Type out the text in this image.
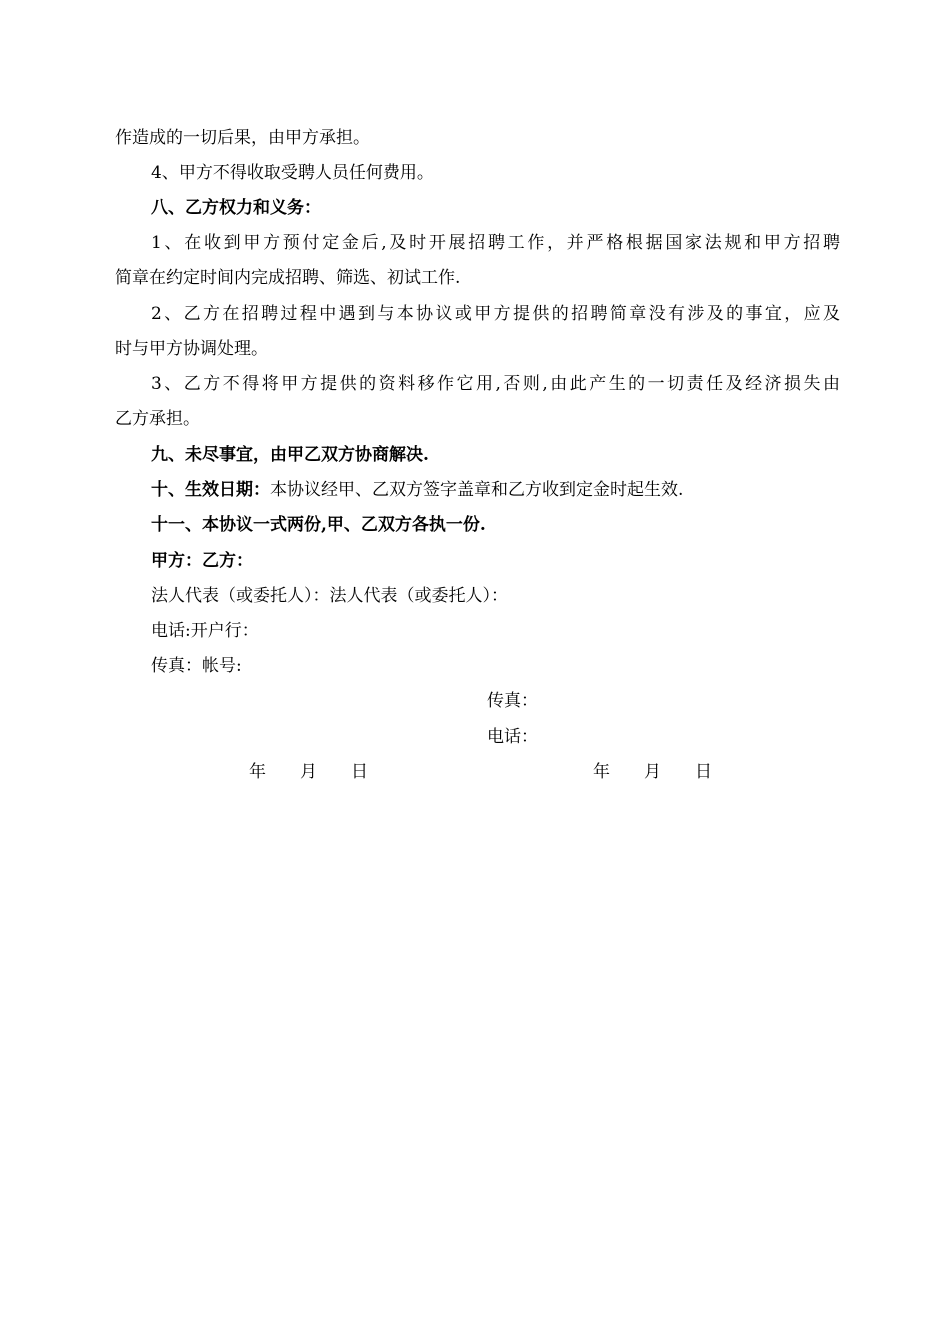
作造成的一切后果，由甲方承担。
4、甲方不得收取受聘人员任何费用。
八、乙方权力和义务：
1、在收到甲方预付定金后,及时开展招聘工作，并严格根据国家法规和甲方招聘
简章在约定时间内完成招聘、筛选、初试工作.
2、乙方在招聘过程中遇到与本协议或甲方提供的招聘简章没有涉及的事宜，应及
时与甲方协调处理。
3、乙方不得将甲方提供的资料移作它用,否则,由此产生的一切责任及经济损失由
乙方承担。
九、未尽事宜，由甲乙双方协商解决.
十、生效日期：本协议经甲、乙双方签字盖章和乙方收到定金时起生效.
十一、本协议一式两份,甲、乙双方各执一份.
甲方：乙方：
法人代表（或委托人）：法人代表（或委托人）：
电话:开户行：
传真：帐号:
传真：
电话：
年　　月　　日	年　　月　　日
